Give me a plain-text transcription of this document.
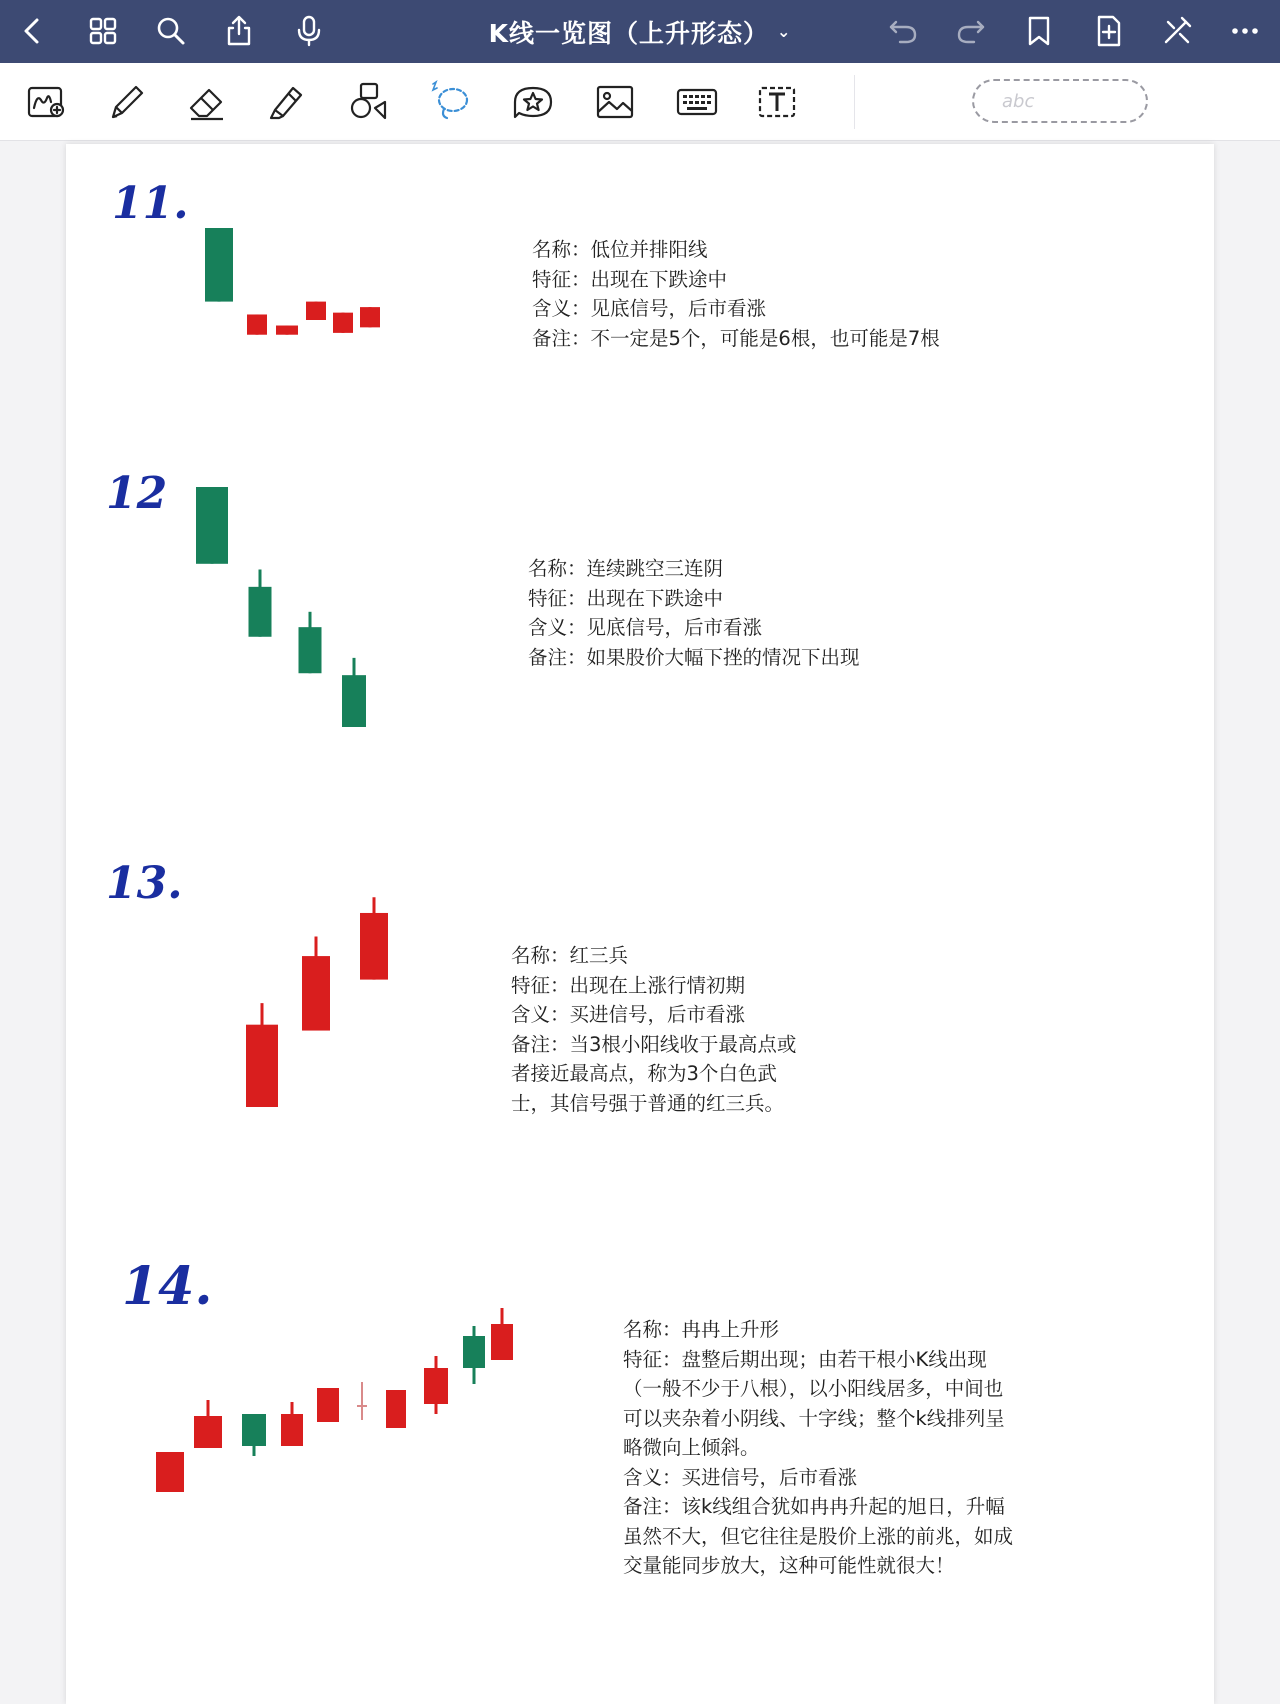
K线一览图（上升形态） ⌄
abc
11.
名称：低位并排阳线
特征：出现在下跌途中
含义：见底信号，后市看涨
备注：不一定是5个，可能是6根，也可能是7根
12
名称：连续跳空三连阴
特征：出现在下跌途中
含义：见底信号，后市看涨
备注：如果股价大幅下挫的情况下出现
13.
名称：红三兵
特征：出现在上涨行情初期
含义：买进信号，后市看涨
备注：当3根小阳线收于最高点或
者接近最高点，称为3个白色武
士，其信号强于普通的红三兵。
14.
名称：冉冉上升形
特征：盘整后期出现；由若干根小K线出现
（一般不少于八根），以小阳线居多，中间也
可以夹杂着小阴线、十字线；整个k线排列呈
略微向上倾斜。
含义：买进信号，后市看涨
备注：该k线组合犹如冉冉升起的旭日，升幅
虽然不大，但它往往是股价上涨的前兆，如成
交量能同步放大，这种可能性就很大！
